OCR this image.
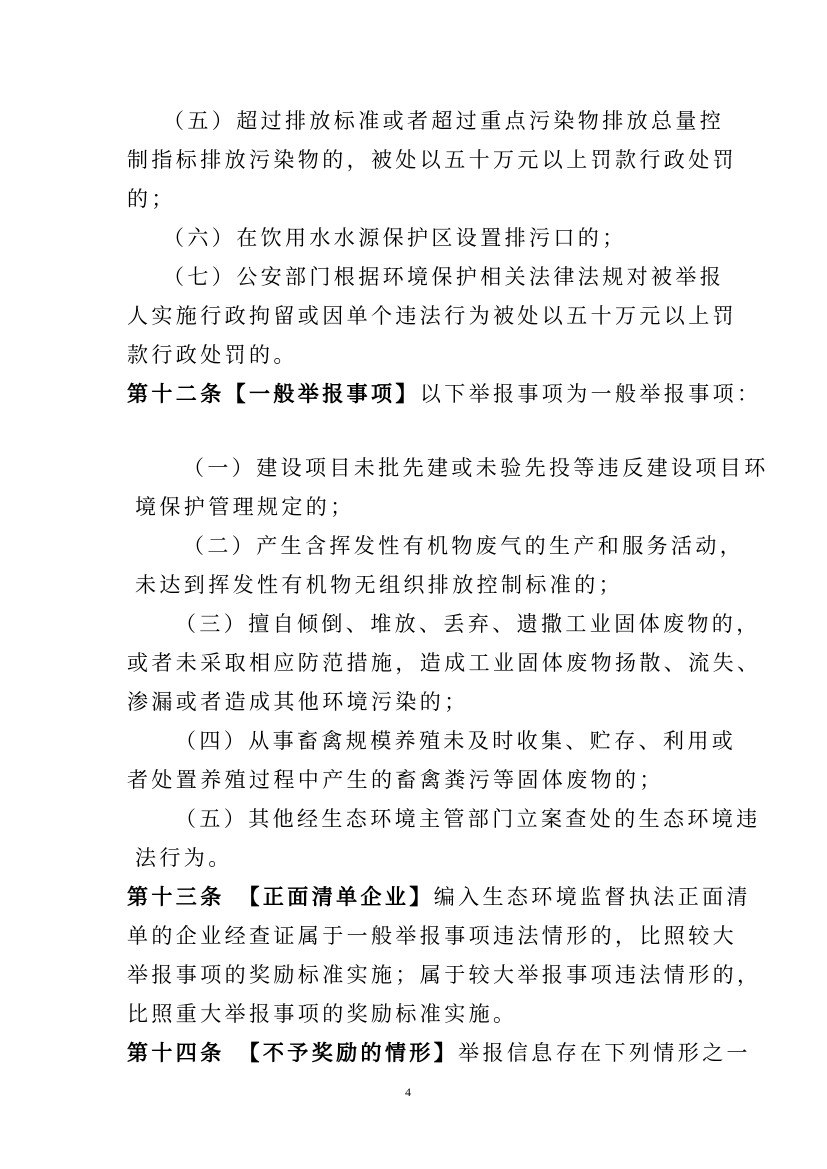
（五）超过排放标准或者超过重点污染物排放总量控
制指标排放污染物的，被处以五十万元以上罚款行政处罚
的；
（六）在饮用水水源保护区设置排污口的；
（七）公安部门根据环境保护相关法律法规对被举报
人实施行政拘留或因单个违法行为被处以五十万元以上罚
款行政处罚的。
第十二条【一般举报事项】以下举报事项为一般举报事项：
（一）建设项目未批先建或未验先投等违反建设项目环
境保护管理规定的；
（二）产生含挥发性有机物废气的生产和服务活动，
未达到挥发性有机物无组织排放控制标准的；
（三）擅自倾倒、堆放、丢弃、遗撒工业固体废物的，
或者未采取相应防范措施，造成工业固体废物扬散、流失、
渗漏或者造成其他环境污染的；
（四）从事畜禽规模养殖未及时收集、贮存、利用或
者处置养殖过程中产生的畜禽粪污等固体废物的；
（五）其他经生态环境主管部门立案查处的生态环境违
法行为。
第十三条　【正面清单企业】编入生态环境监督执法正面清
单的企业经查证属于一般举报事项违法情形的，比照较大
举报事项的奖励标准实施；属于较大举报事项违法情形的，
比照重大举报事项的奖励标准实施。
第十四条　【不予奖励的情形】举报信息存在下列情形之一
4
